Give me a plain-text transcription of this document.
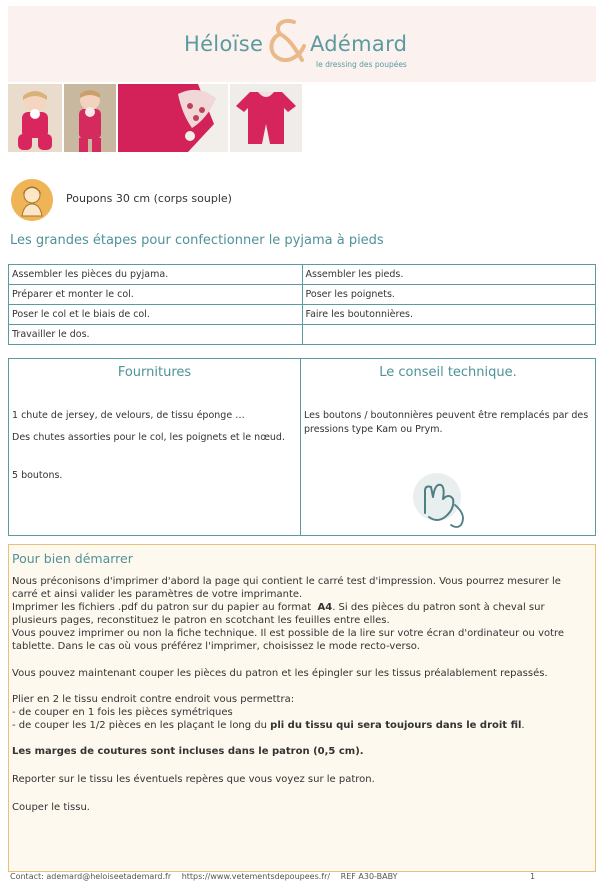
Héloïse Adémard
le dressing des poupées
Poupons 30 cm (corps souple)
Les grandes étapes pour confectionner le pyjama à pieds
Assembler les pièces du pyjama.	Assembler les pieds.
Préparer et monter le col.	Poser les poignets.
Poser le col et le biais de col.	Faire les boutonnières.
Travailler le dos.	
Fournitures
1 chute de jersey, de velours, de tissu éponge …
Des chutes assorties pour le col, les poignets et le nœud.
5 boutons.
Le conseil technique.
Les boutons / boutonnières peuvent être remplacés par des pressions type Kam ou Prym.
Pour bien démarrer
Nous préconisons d'imprimer d'abord la page qui contient le carré test d'impression. Vous pourrez mesurer le carré et ainsi valider les paramètres de votre imprimante.
Imprimer les fichiers .pdf du patron sur du papier au format A4. Si des pièces du patron sont à cheval sur plusieurs pages, reconstituez le patron en scotchant les feuilles entre elles.
Vous pouvez imprimer ou non la fiche technique. Il est possible de la lire sur votre écran d'ordinateur ou votre tablette. Dans le cas où vous préférez l'imprimer, choisissez le mode recto-verso.
Vous pouvez maintenant couper les pièces du patron et les épingler sur les tissus préalablement repassés.
Plier en 2 le tissu endroit contre endroit vous permettra:
- de couper en 1 fois les pièces symétriques
- de couper les 1/2 pièces en les plaçant le long du pli du tissu qui sera toujours dans le droit fil.
Les marges de coutures sont incluses dans le patron (0,5 cm).
Reporter sur le tissu les éventuels repères que vous voyez sur le patron.
Couper le tissu.
Contact: ademard@heloiseetademard.fr https://www.vetementsdepoupees.fr/ REF A30-BABY	1
